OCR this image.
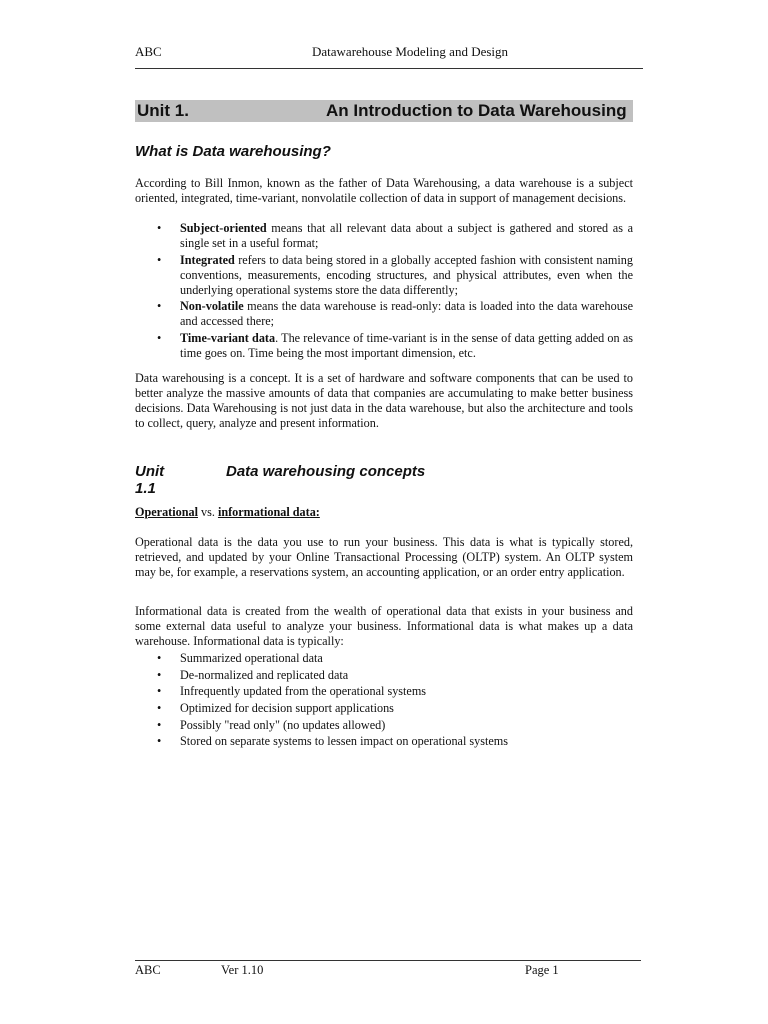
ABC	Datawarehouse Modeling and Design
Unit 1.	An Introduction to Data Warehousing
What is Data warehousing?
According to Bill Inmon, known as the father of Data Warehousing, a data warehouse is a subject oriented, integrated, time-variant, nonvolatile collection of data in support of management decisions.
• Subject-oriented means that all relevant data about a subject is gathered and stored as a single set in a useful format;
• Integrated refers to data being stored in a globally accepted fashion with consistent naming conventions, measurements, encoding structures, and physical attributes, even when the underlying operational systems store the data differently;
• Non-volatile means the data warehouse is read-only: data is loaded into the data warehouse and accessed there;
• Time-variant data. The relevance of time-variant is in the sense of data getting added on as time goes on. Time being the most important dimension, etc.
Data warehousing is a concept. It is a set of hardware and software components that can be used to better analyze the massive amounts of data that companies are accumulating to make better business decisions. Data Warehousing is not just data in the data warehouse, but also the architecture and tools to collect, query, analyze and present information.
Unit 1.1
Data warehousing concepts
Operational vs. informational data:
Operational data is the data you use to run your business. This data is what is typically stored, retrieved, and updated by your Online Transactional Processing (OLTP) system. An OLTP system may be, for example, a reservations system, an accounting application, or an order entry application.
Informational data is created from the wealth of operational data that exists in your business and some external data useful to analyze your business. Informational data is what makes up a data warehouse. Informational data is typically:
• Summarized operational data
• De-normalized and replicated data
• Infrequently updated from the operational systems
• Optimized for decision support applications
• Possibly "read only" (no updates allowed)
• Stored on separate systems to lessen impact on operational systems
ABC	Ver 1.10	Page 1
